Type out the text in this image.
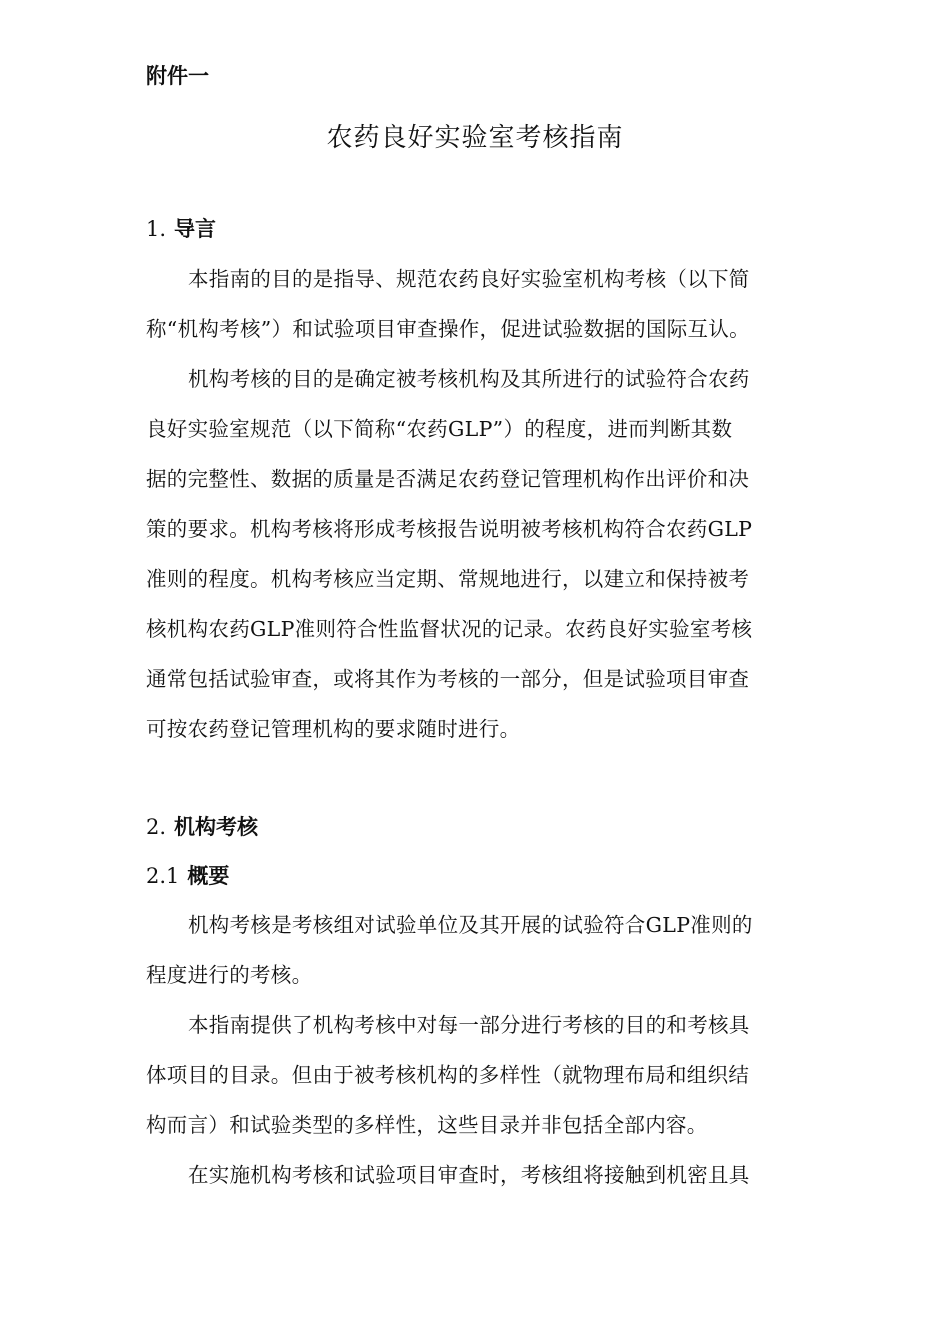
附件一
农药良好实验室考核指南
1. 导言
本指南的目的是指导、规范农药良好实验室机构考核（以下简
称“机构考核”）和试验项目审查操作，促进试验数据的国际互认。
机构考核的目的是确定被考核机构及其所进行的试验符合农药
良好实验室规范（以下简称“农药GLP”）的程度，进而判断其数
据的完整性、数据的质量是否满足农药登记管理机构作出评价和决
策的要求。机构考核将形成考核报告说明被考核机构符合农药GLP
准则的程度。机构考核应当定期、常规地进行，以建立和保持被考
核机构农药GLP准则符合性监督状况的记录。农药良好实验室考核
通常包括试验审查，或将其作为考核的一部分，但是试验项目审查
可按农药登记管理机构的要求随时进行。
2. 机构考核
2.1 概要
机构考核是考核组对试验单位及其开展的试验符合GLP准则的
程度进行的考核。
本指南提供了机构考核中对每一部分进行考核的目的和考核具
体项目的目录。但由于被考核机构的多样性（就物理布局和组织结
构而言）和试验类型的多样性，这些目录并非包括全部内容。
在实施机构考核和试验项目审查时，考核组将接触到机密且具
